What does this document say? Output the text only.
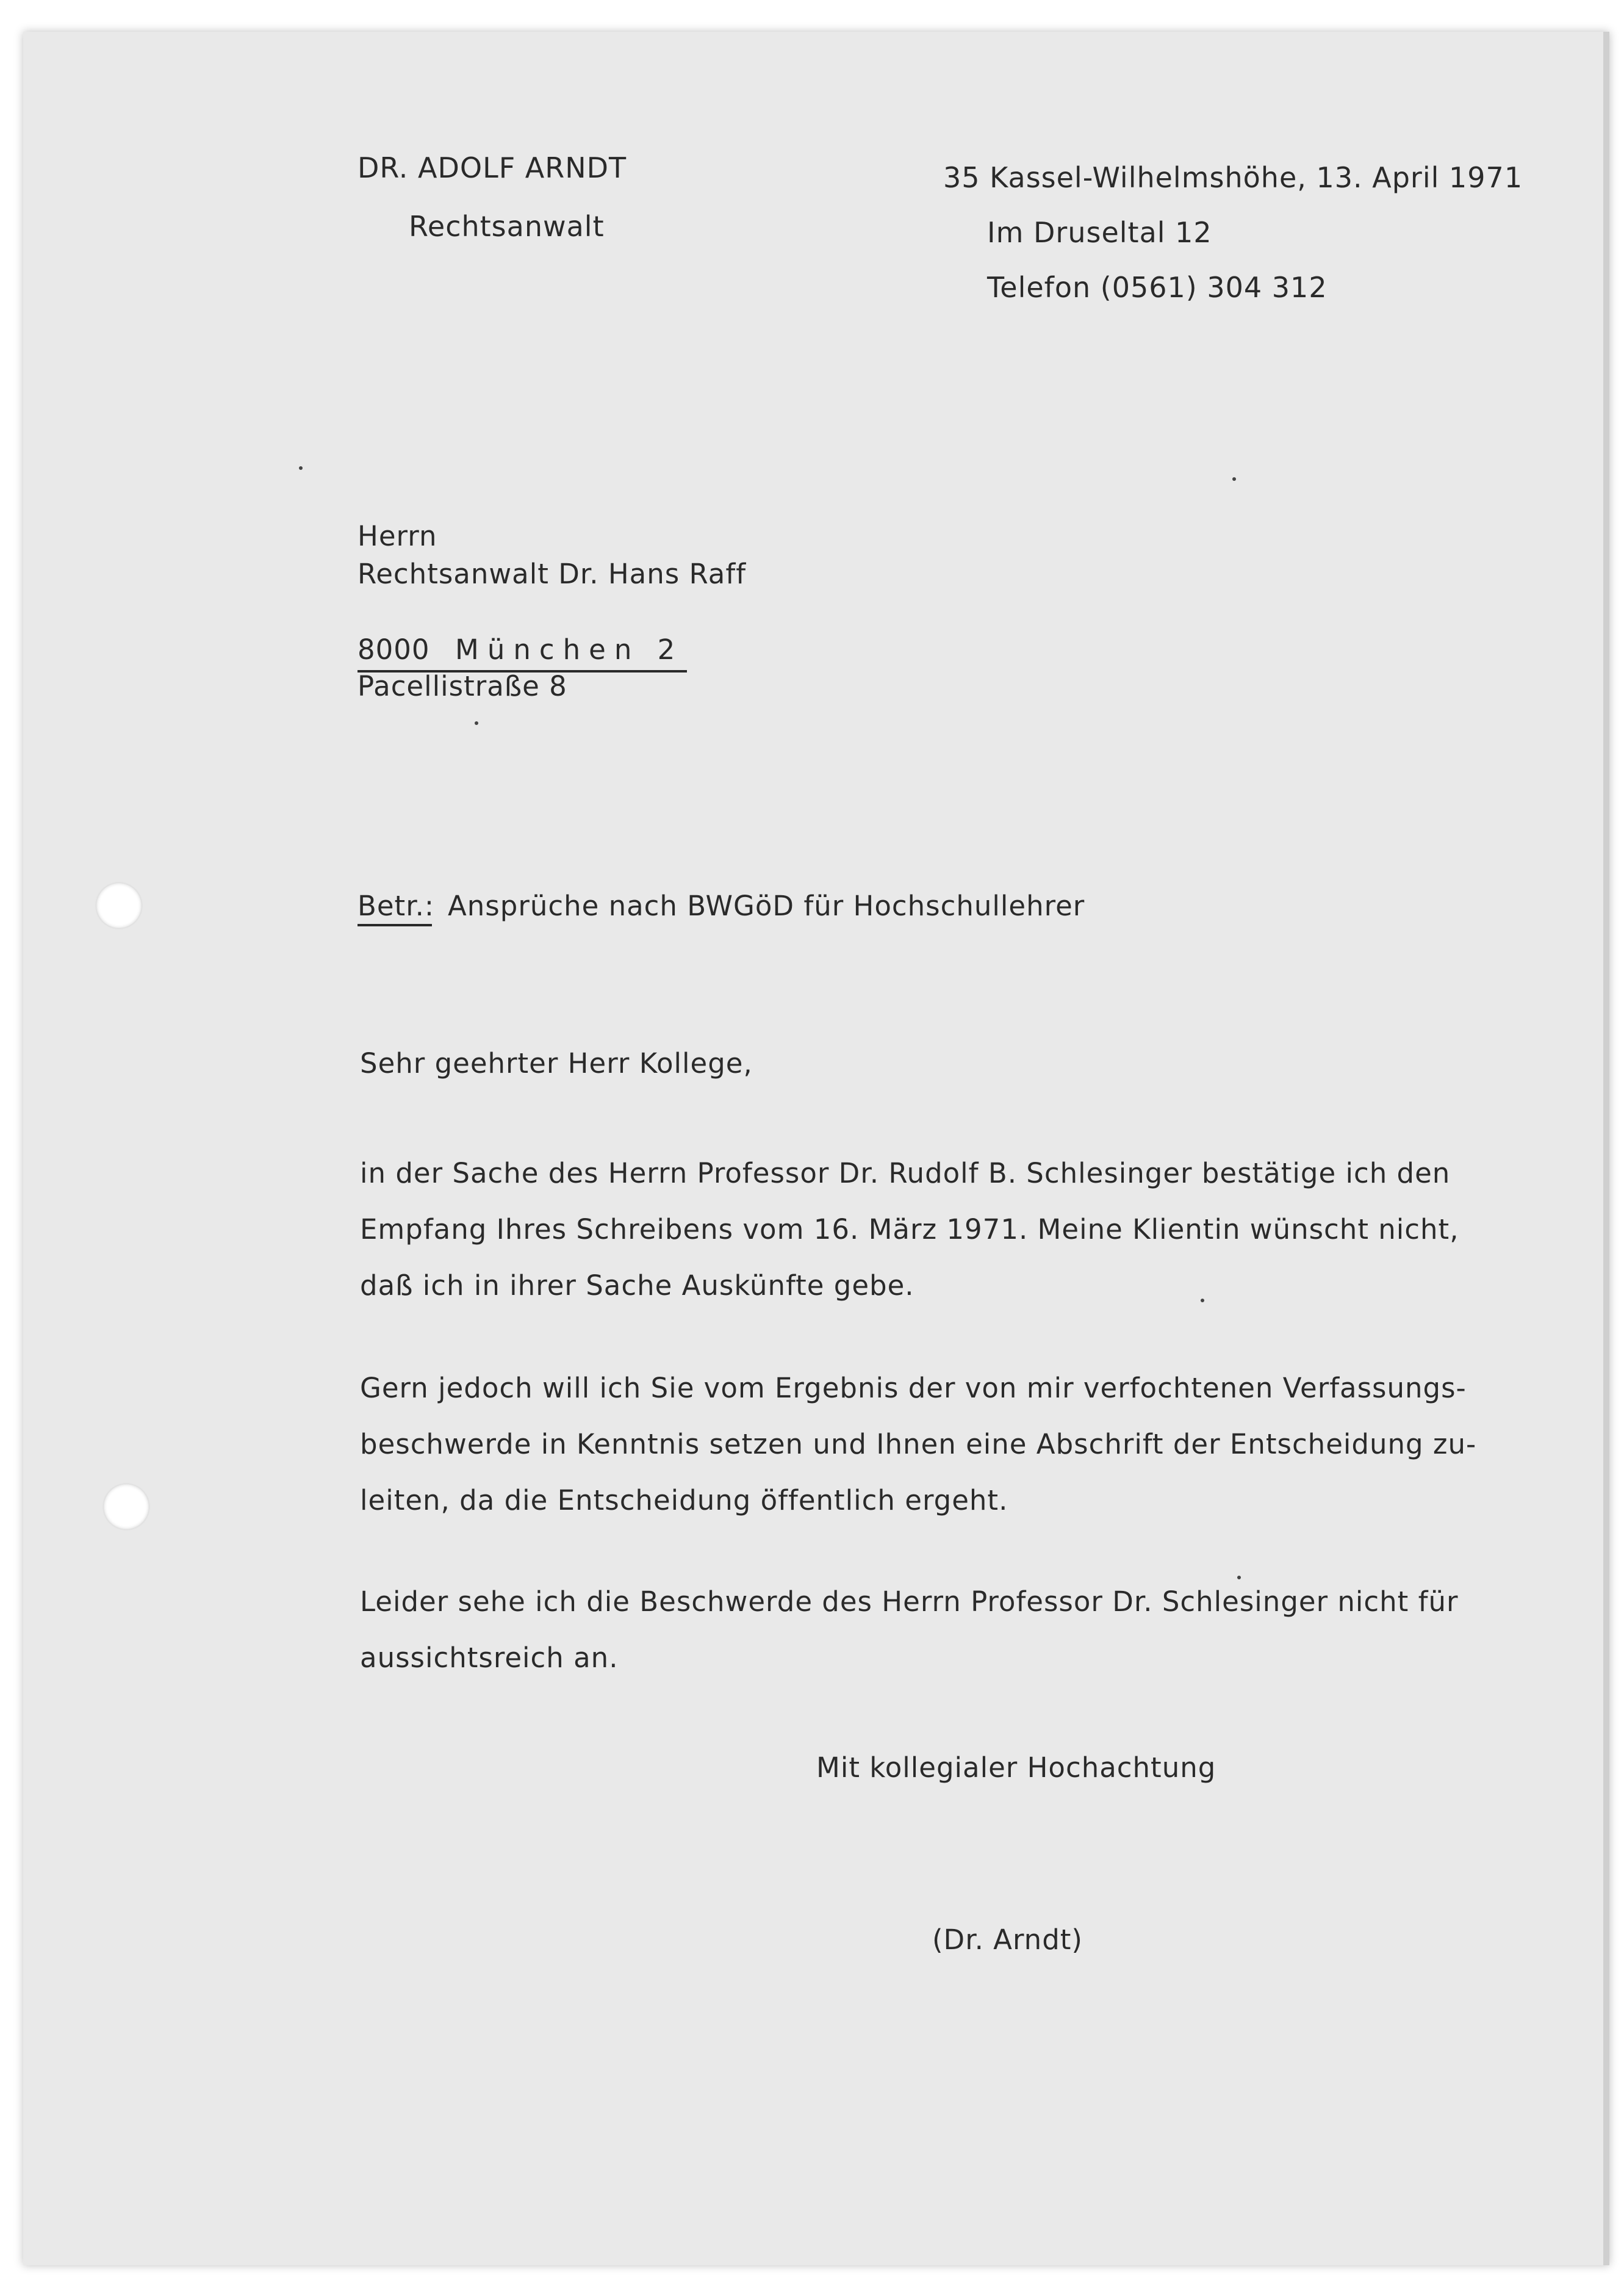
DR. ADOLF ARNDT
Rechtsanwalt
35 Kassel-Wilhelmshöhe, 13. April 1971
Im Druseltal 12
Telefon (0561) 304 312
Herrn
Rechtsanwalt Dr. Hans Raff
8000 München 2
Pacellistraße 8
Betr.: Ansprüche nach BWGöD für Hochschullehrer
Sehr geehrter Herr Kollege,
in der Sache des Herrn Professor Dr. Rudolf B. Schlesinger bestätige ich den
Empfang Ihres Schreibens vom 16. März 1971. Meine Klientin wünscht nicht,
daß ich in ihrer Sache Auskünfte gebe.
Gern jedoch will ich Sie vom Ergebnis der von mir verfochtenen Verfassungs-
beschwerde in Kenntnis setzen und Ihnen eine Abschrift der Entscheidung zu-
leiten, da die Entscheidung öffentlich ergeht.
Leider sehe ich die Beschwerde des Herrn Professor Dr. Schlesinger nicht für
aussichtsreich an.
Mit kollegialer Hochachtung
(Dr. Arndt)
